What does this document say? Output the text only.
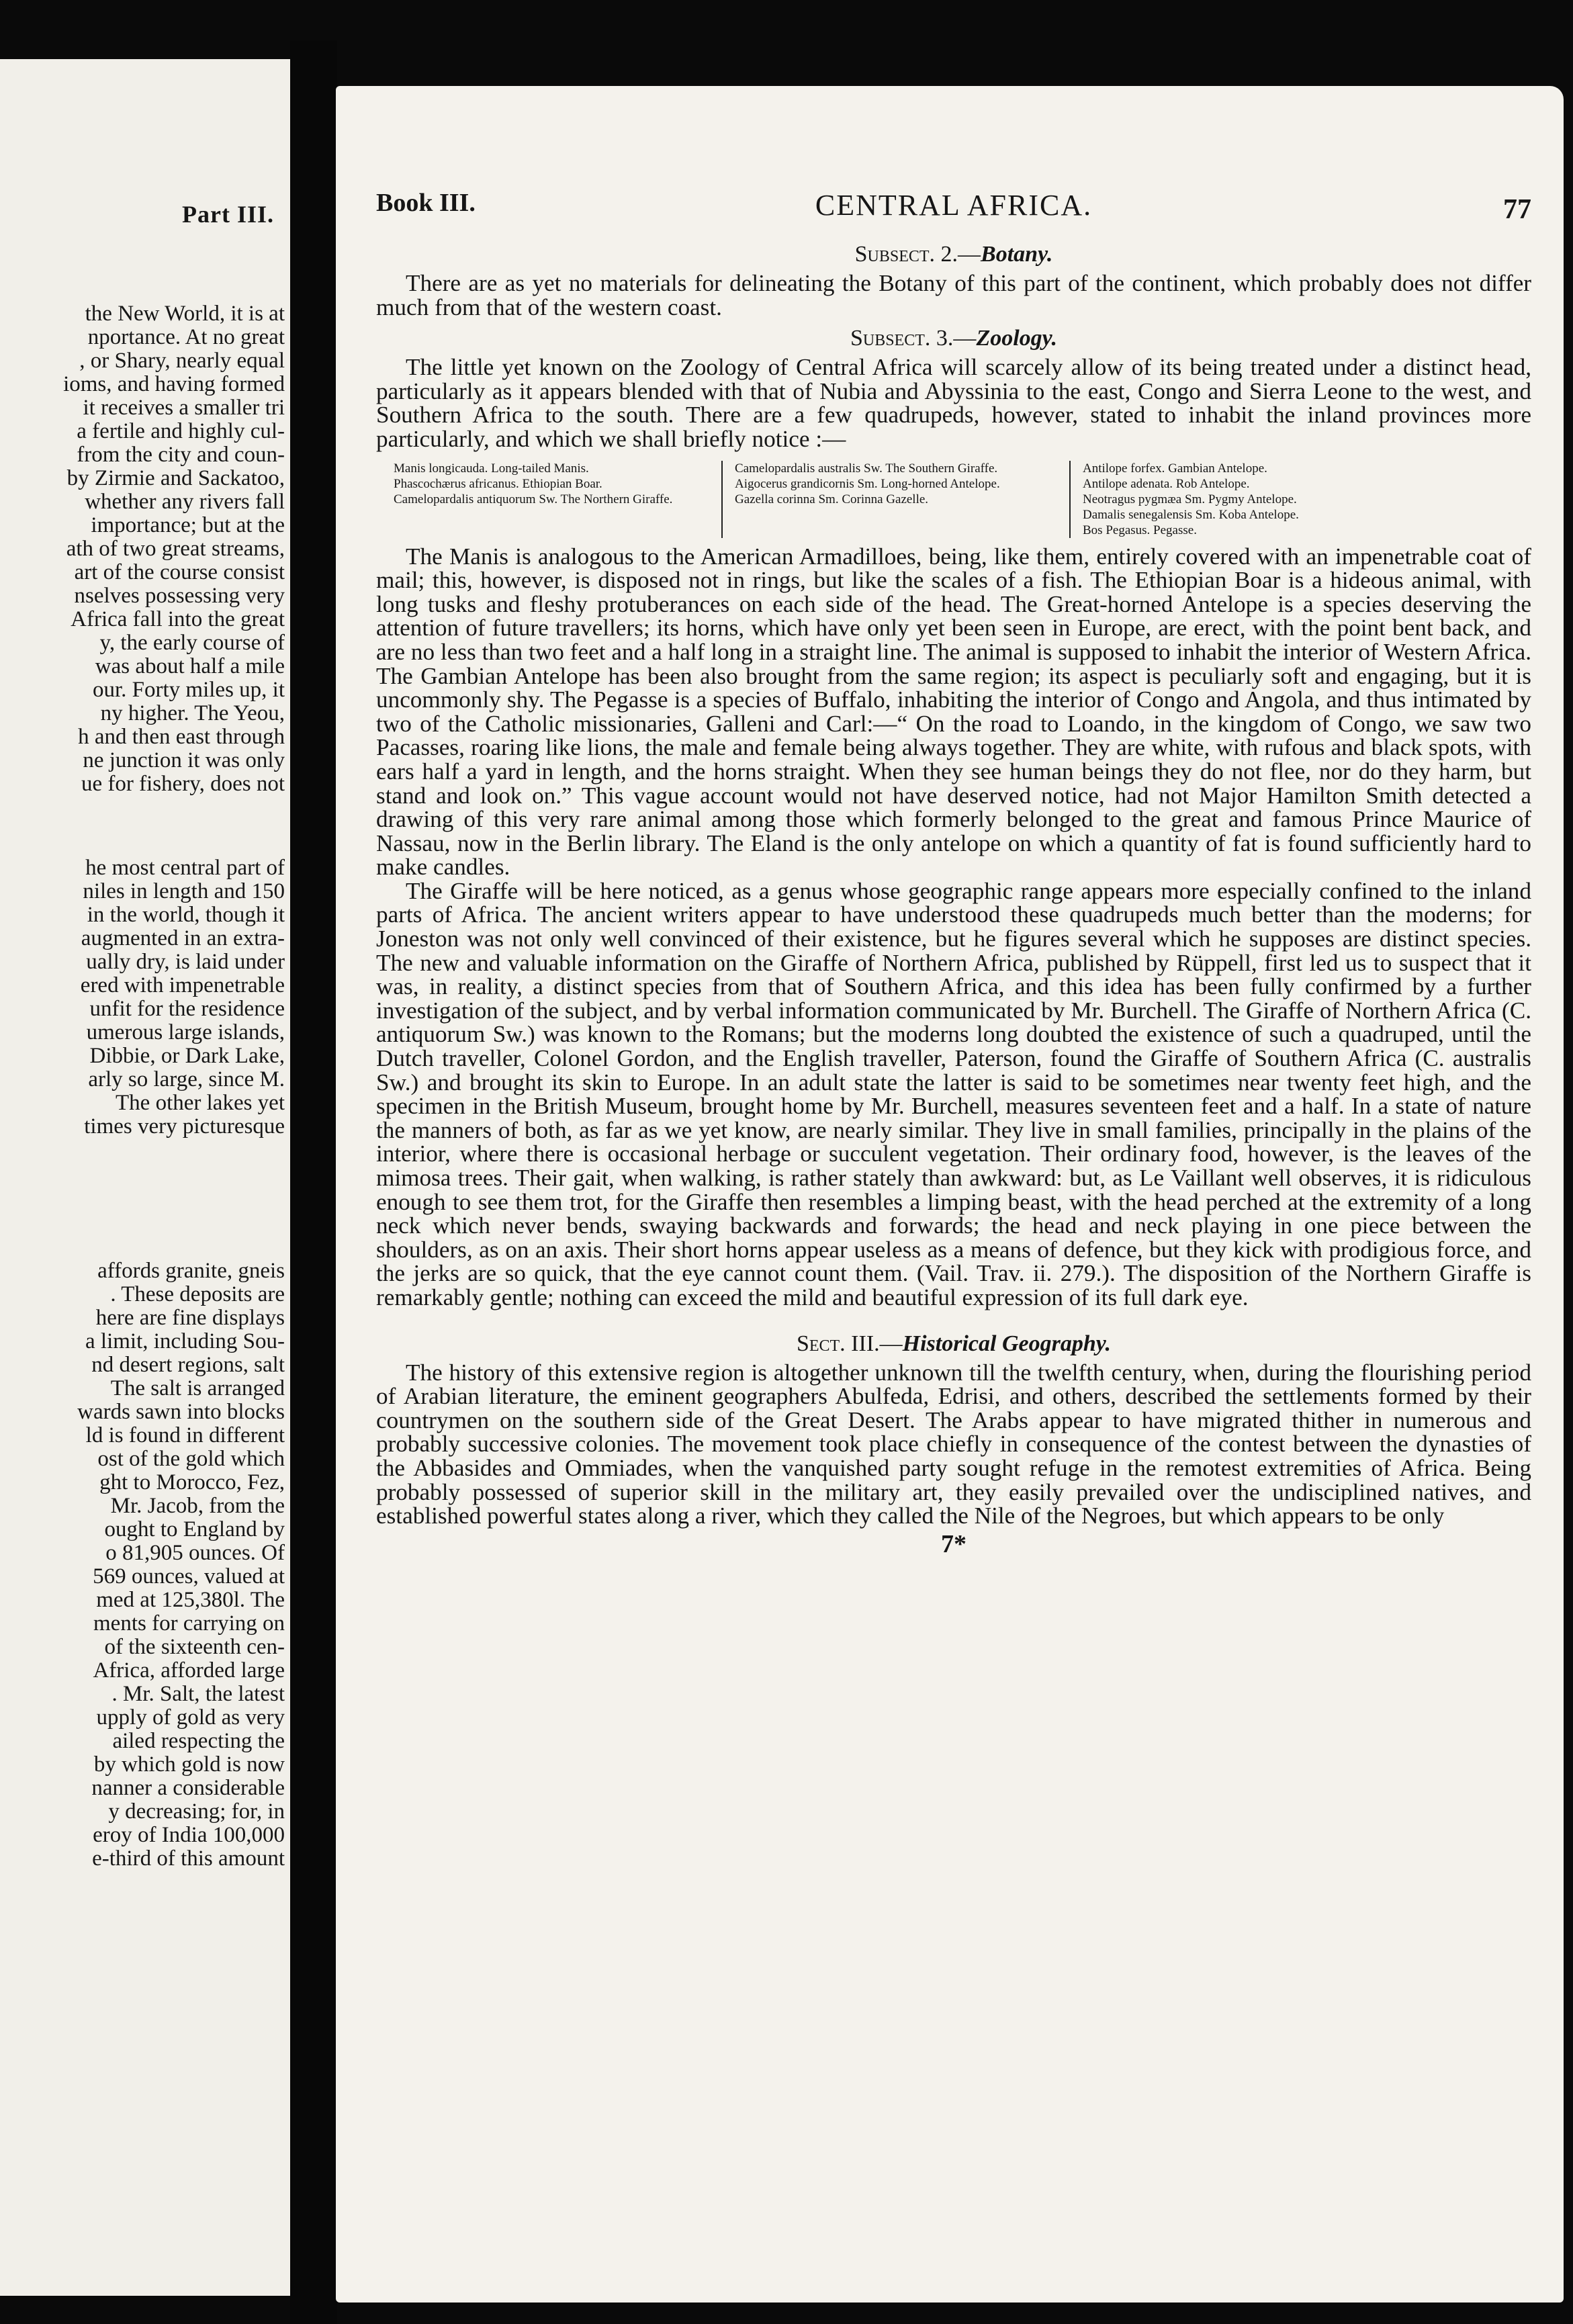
Part III.
the New World, it is at
nportance. At no great
, or Shary, nearly equal
ioms, and having formed
it receives a smaller tri
a fertile and highly cul-
from the city and coun-
by Zirmie and Sackatoo,
whether any rivers fall
importance; but at the
ath of two great streams,
art of the course consist
nselves possessing very
Africa fall into the great
y, the early course of
was about half a mile
our. Forty miles up, it
ny higher. The Yeou,
h and then east through
ne junction it was only
ue for fishery, does not
he most central part of
niles in length and 150
in the world, though it
augmented in an extra-
ually dry, is laid under
ered with impenetrable
unfit for the residence
umerous large islands,
Dibbie, or Dark Lake,
arly so large, since M.
The other lakes yet
times very picturesque
affords granite, gneis
. These deposits are
here are fine displays
a limit, including Sou-
nd desert regions, salt
The salt is arranged
wards sawn into blocks
ld is found in different
ost of the gold which
ght to Morocco, Fez,
Mr. Jacob, from the
ought to England by
o 81,905 ounces. Of
569 ounces, valued at
med at 125,380l. The
ments for carrying on
of the sixteenth cen-
Africa, afforded large
. Mr. Salt, the latest
upply of gold as very
ailed respecting the
by which gold is now
nanner a considerable
y decreasing; for, in
eroy of India 100,000
e-third of this amount
Book III.	CENTRAL AFRICA.	77
Subsect. 2.—Botany.

There are as yet no materials for delineating the Botany of this part of the continent, which probably does not differ much from that of the western coast.

Subsect. 3.—Zoology.

The little yet known on the Zoology of Central Africa will scarcely allow of its being treated under a distinct head, particularly as it appears blended with that of Nubia and Abyssinia to the east, Congo and Sierra Leone to the west, and Southern Africa to the south. There are a few quadrupeds, however, stated to inhabit the inland provinces more particularly, and which we shall briefly notice :—

Manis longicauda. Long-tailed Manis.

Phascochærus africanus. Ethiopian Boar.

Camelopardalis antiquorum Sw. The Northern Giraffe.

Camelopardalis australis Sw. The Southern Giraffe.

Aigocerus grandicornis Sm. Long-horned Antelope.

Gazella corinna Sm. Corinna Gazelle.

Antilope forfex. Gambian Antelope.

Antilope adenata. Rob Antelope.

Neotragus pygmæa Sm. Pygmy Antelope.

Damalis senegalensis Sm. Koba Antelope.

Bos Pegasus. Pegasse.

The Manis is analogous to the American Armadilloes, being, like them, entirely covered with an impenetrable coat of mail; this, however, is disposed not in rings, but like the scales of a fish. The Ethiopian Boar is a hideous animal, with long tusks and fleshy protuberances on each side of the head. The Great-horned Antelope is a species deserving the attention of future travellers; its horns, which have only yet been seen in Europe, are erect, with the point bent back, and are no less than two feet and a half long in a straight line. The animal is supposed to inhabit the interior of Western Africa. The Gambian Antelope has been also brought from the same region; its aspect is peculiarly soft and engaging, but it is uncommonly shy. The Pegasse is a species of Buffalo, inhabiting the interior of Congo and Angola, and thus intimated by two of the Catholic missionaries, Galleni and Carl:—“ On the road to Loando, in the kingdom of Congo, we saw two Pacasses, roaring like lions, the male and female being always together. They are white, with rufous and black spots, with ears half a yard in length, and the horns straight. When they see human beings they do not flee, nor do they harm, but stand and look on.” This vague account would not have deserved notice, had not Major Hamilton Smith detected a drawing of this very rare animal among those which formerly belonged to the great and famous Prince Maurice of Nassau, now in the Berlin library. The Eland is the only antelope on which a quantity of fat is found sufficiently hard to make candles.

The Giraffe will be here noticed, as a genus whose geographic range appears more especially confined to the inland parts of Africa. The ancient writers appear to have understood these quadrupeds much better than the moderns; for Joneston was not only well convinced of their existence, but he figures several which he supposes are distinct species. The new and valuable information on the Giraffe of Northern Africa, published by Rüppell, first led us to suspect that it was, in reality, a distinct species from that of Southern Africa, and this idea has been fully confirmed by a further investigation of the subject, and by verbal information communicated by Mr. Burchell. The Giraffe of Northern Africa (C. antiquorum Sw.) was known to the Romans; but the moderns long doubted the existence of such a quadruped, until the Dutch traveller, Colonel Gordon, and the English traveller, Paterson, found the Giraffe of Southern Africa (C. australis Sw.) and brought its skin to Europe. In an adult state the latter is said to be sometimes near twenty feet high, and the specimen in the British Museum, brought home by Mr. Burchell, measures seventeen feet and a half. In a state of nature the manners of both, as far as we yet know, are nearly similar. They live in small families, principally in the plains of the interior, where there is occasional herbage or succulent vegetation. Their ordinary food, however, is the leaves of the mimosa trees. Their gait, when walking, is rather stately than awkward: but, as Le Vaillant well observes, it is ridiculous enough to see them trot, for the Giraffe then resembles a limping beast, with the head perched at the extremity of a long neck which never bends, swaying backwards and forwards; the head and neck playing in one piece between the shoulders, as on an axis. Their short horns appear useless as a means of defence, but they kick with prodigious force, and the jerks are so quick, that the eye cannot count them. (Vail. Trav. ii. 279.). The disposition of the Northern Giraffe is remarkably gentle; nothing can exceed the mild and beautiful expression of its full dark eye.

Sect. III.—Historical Geography.

The history of this extensive region is altogether unknown till the twelfth century, when, during the flourishing period of Arabian literature, the eminent geographers Abulfeda, Edrisi, and others, described the settlements formed by their countrymen on the southern side of the Great Desert. The Arabs appear to have migrated thither in numerous and probably successive colonies. The movement took place chiefly in consequence of the contest between the dynasties of the Abbasides and Ommiades, when the vanquished party sought refuge in the remotest extremities of Africa. Being probably possessed of superior skill in the military art, they easily prevailed over the undisciplined natives, and established powerful states along a river, which they called the Nile of the Negroes, but which appears to be only

7*
